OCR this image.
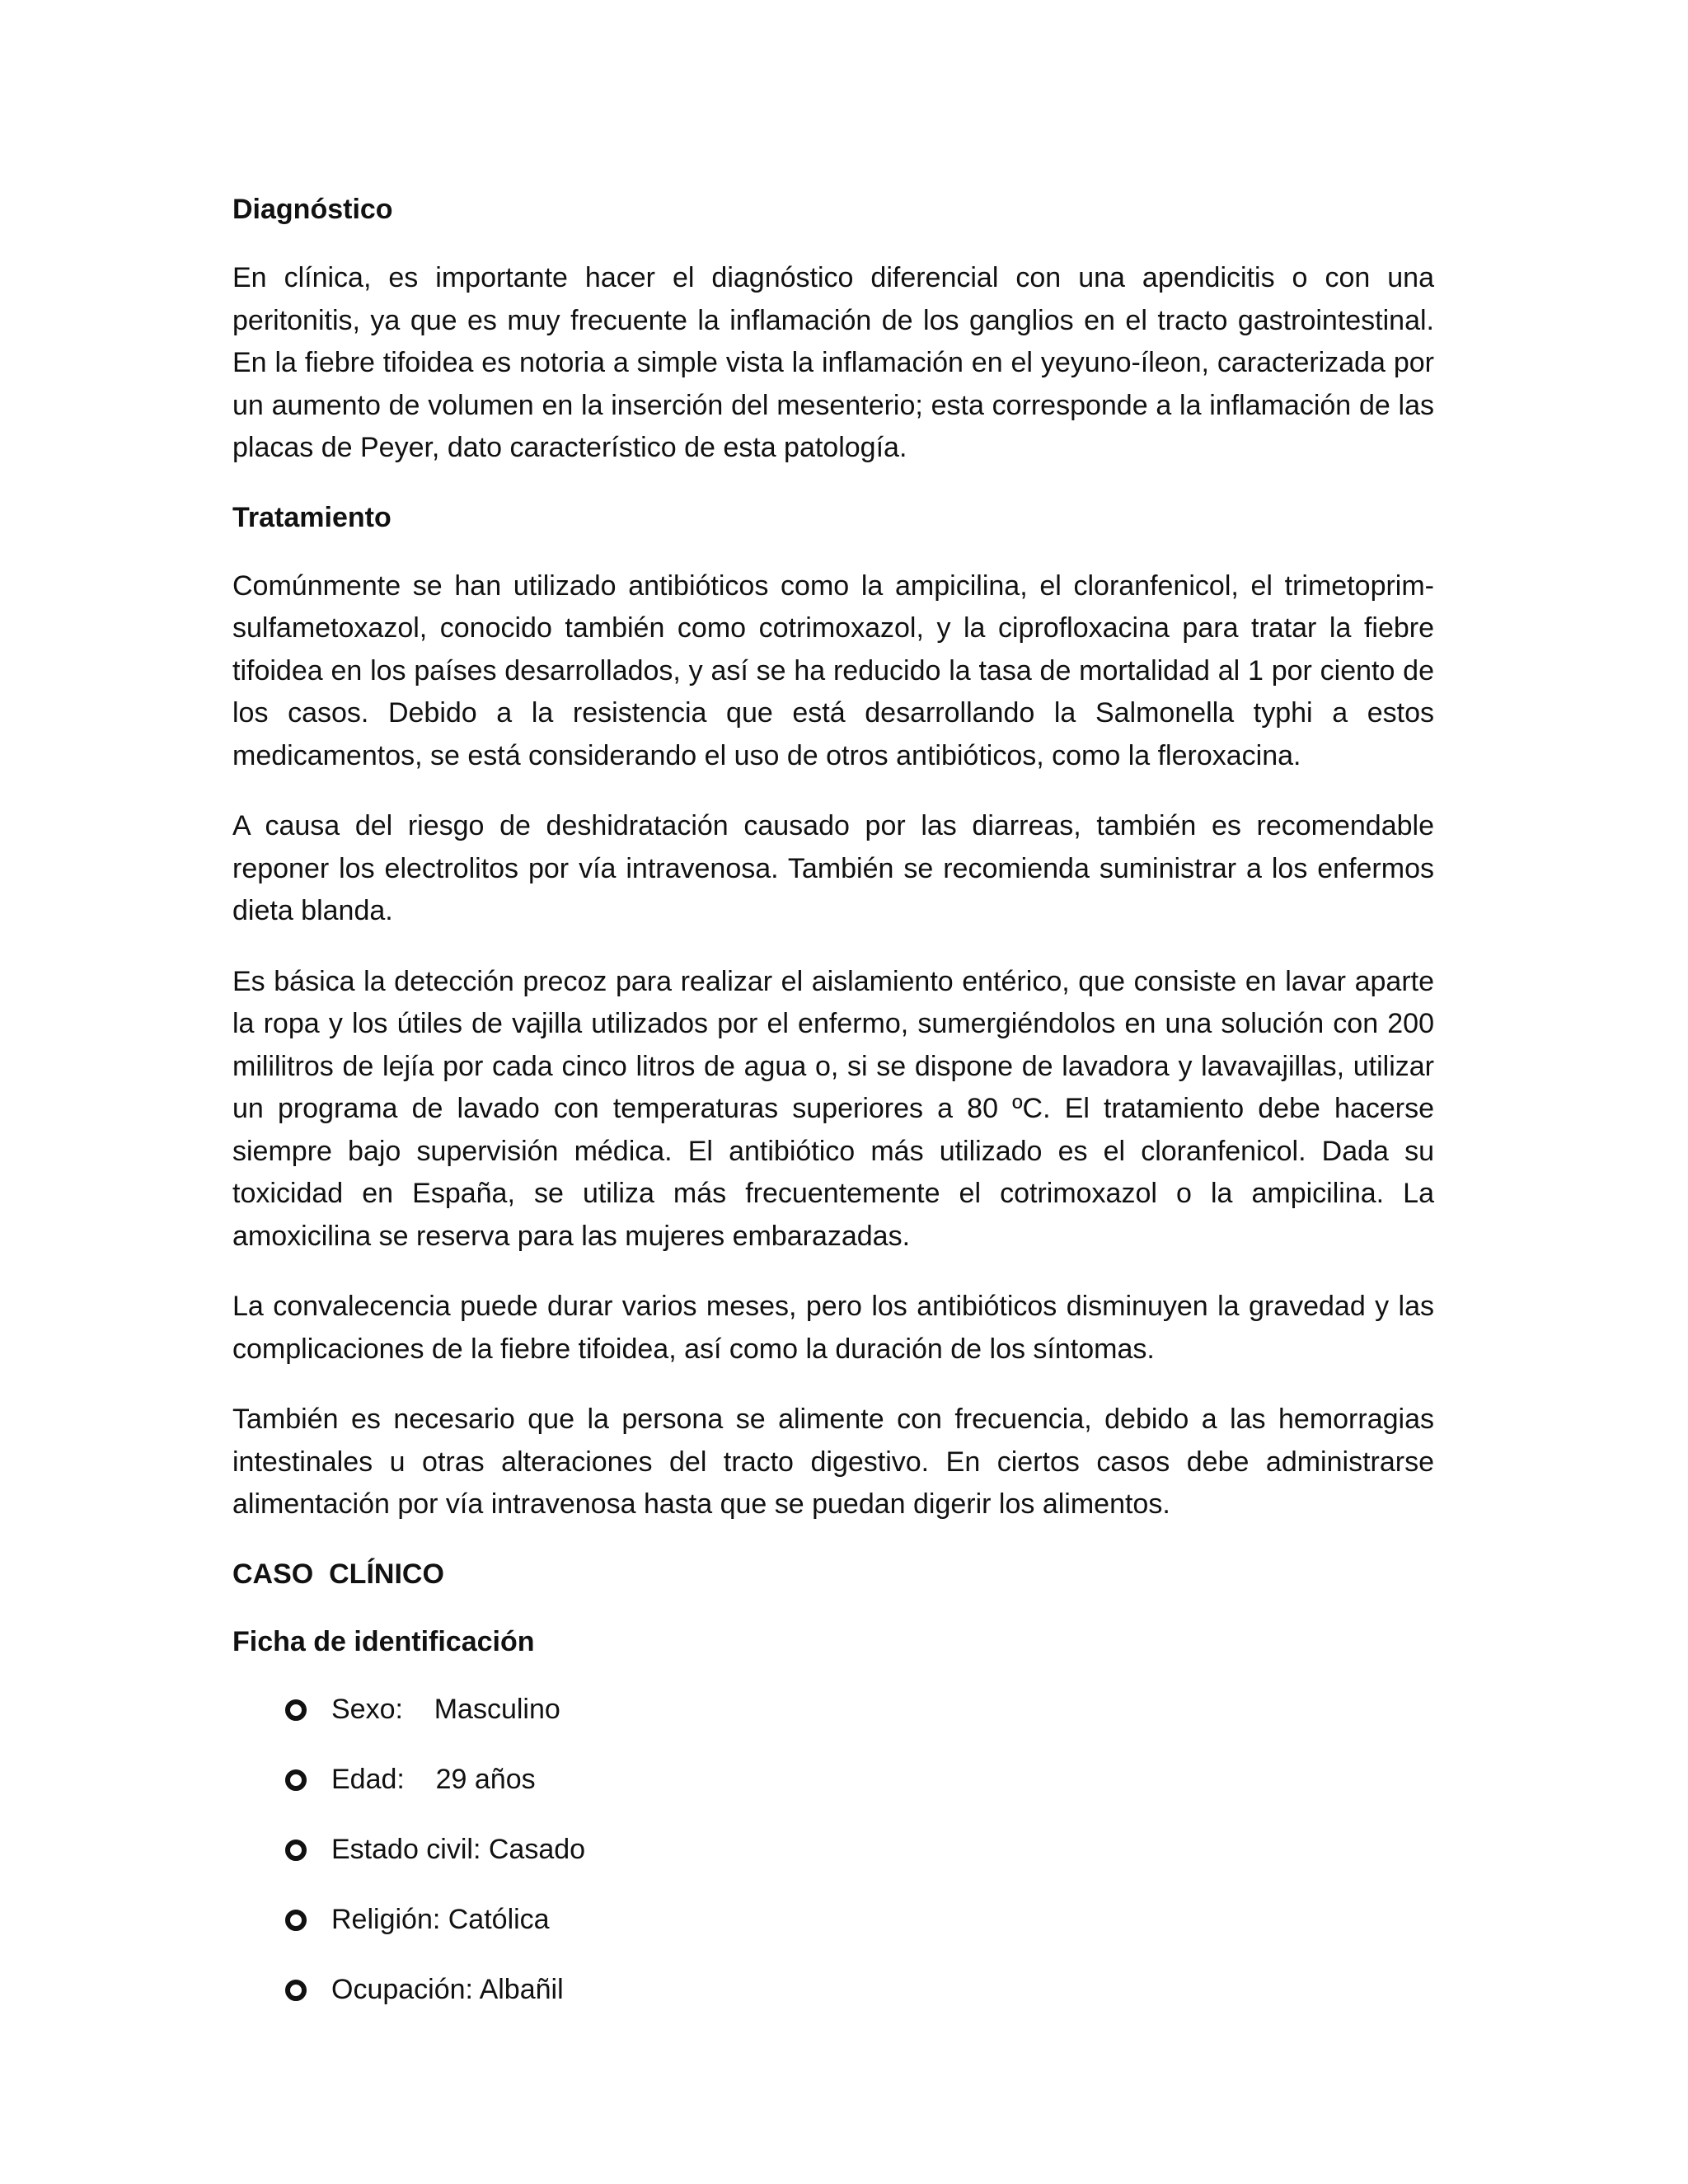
Diagnóstico

En clínica, es importante hacer el diagnóstico diferencial con una apendicitis o con una peritonitis, ya que es muy frecuente la inflamación de los ganglios en el tracto gastrointestinal. En la fiebre tifoidea es notoria a simple vista la inflamación en el yeyuno-íleon, caracterizada por un aumento de volumen en la inserción del mesenterio; esta corresponde a la inflamación de las placas de Peyer, dato característico de esta patología.

Tratamiento

Comúnmente se han utilizado antibióticos como la ampicilina, el cloranfenicol, el trimetoprim-sulfametoxazol, conocido también como cotrimoxazol, y la ciprofloxacina para tratar la fiebre tifoidea en los países desarrollados, y así se ha reducido la tasa de mortalidad al 1 por ciento de los casos. Debido a la resistencia que está desarrollando la Salmonella typhi a estos medicamentos, se está considerando el uso de otros antibióticos, como la fleroxacina.

A causa del riesgo de deshidratación causado por las diarreas, también es recomendable reponer los electrolitos por vía intravenosa. También se recomienda suministrar a los enfermos dieta blanda.

Es básica la detección precoz para realizar el aislamiento entérico, que consiste en lavar aparte la ropa y los útiles de vajilla utilizados por el enfermo, sumergiéndolos en una solución con 200 mililitros de lejía por cada cinco litros de agua o, si se dispone de lavadora y lavavajillas, utilizar un programa de lavado con temperaturas superiores a 80 ºC. El tratamiento debe hacerse siempre bajo supervisión médica. El antibiótico más utilizado es el cloranfenicol. Dada su toxicidad en España, se utiliza más frecuentemente el cotrimoxazol o la ampicilina. La amoxicilina se reserva para las mujeres embarazadas.

La convalecencia puede durar varios meses, pero los antibióticos disminuyen la gravedad y las complicaciones de la fiebre tifoidea, así como la duración de los síntomas.

También es necesario que la persona se alimente con frecuencia, debido a las hemorragias intestinales u otras alteraciones del tracto digestivo. En ciertos casos debe administrarse alimentación por vía intravenosa hasta que se puedan digerir los alimentos.

CASO  CLÍNICO
Ficha de identificación
Sexo:    Masculino
Edad:    29 años
Estado civil: Casado
Religión: Católica
Ocupación: Albañil
